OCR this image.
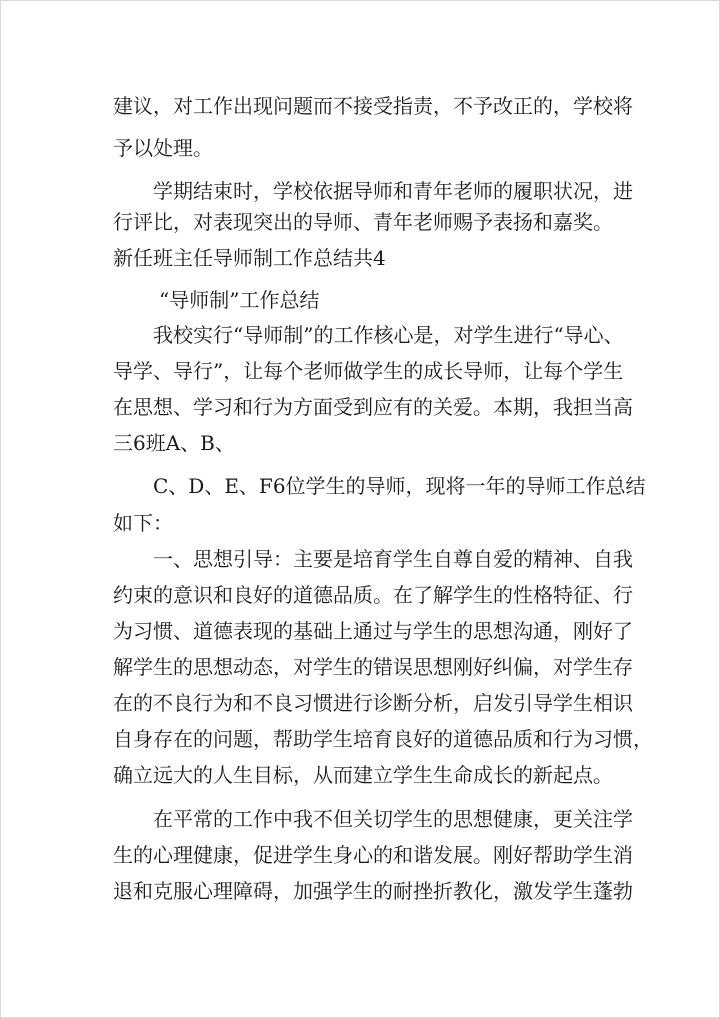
建议，对工作出现问题而不接受指责，不予改正的，学校将
予以处理。
学期结束时，学校依据导师和青年老师的履职状况，进
行评比，对表现突出的导师、青年老师赐予表扬和嘉奖。
新任班主任导师制工作总结共4
“导师制”工作总结
我校实行“导师制”的工作核心是，对学生进行“导心、
导学、导行”，让每个老师做学生的成长导师，让每个学生
在思想、学习和行为方面受到应有的关爱。本期，我担当高
三6班A、B、
C、D、E、F6位学生的导师，现将一年的导师工作总结
如下：
一、思想引导：主要是培育学生自尊自爱的精神、自我
约束的意识和良好的道德品质。在了解学生的性格特征、行
为习惯、道德表现的基础上通过与学生的思想沟通，刚好了
解学生的思想动态，对学生的错误思想刚好纠偏，对学生存
在的不良行为和不良习惯进行诊断分析，启发引导学生相识
自身存在的问题，帮助学生培育良好的道德品质和行为习惯，
确立远大的人生目标，从而建立学生生命成长的新起点。
在平常的工作中我不但关切学生的思想健康，更关注学
生的心理健康，促进学生身心的和谐发展。刚好帮助学生消
退和克服心理障碍，加强学生的耐挫折教化，激发学生蓬勃
